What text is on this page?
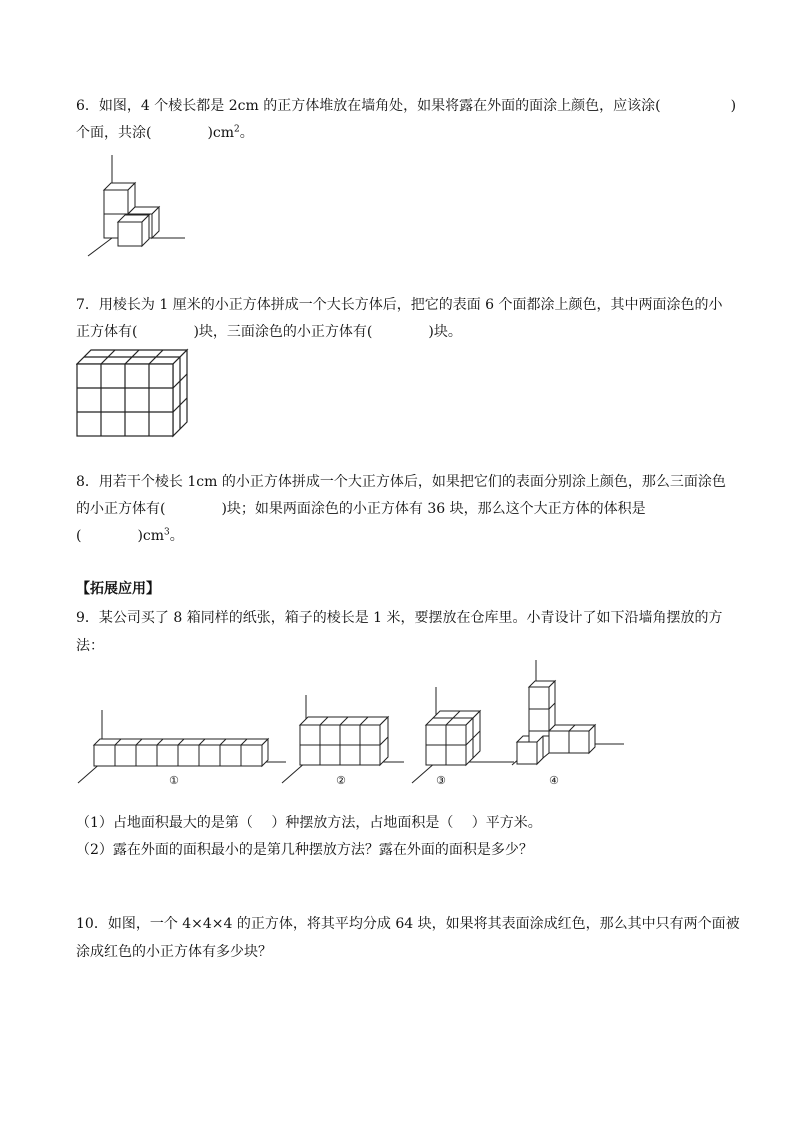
6．如图，4 个棱长都是 2cm 的正方体堆放在墙角处，如果将露在外面的面涂上颜色，应该涂(　　　　　)
个面，共涂(　　　　)$cm^2$。
7．用棱长为 1 厘米的小正方体拼成一个大长方体后，把它的表面 6 个面都涂上颜色，其中两面涂色的小
正方体有(　　　　)块，三面涂色的小正方体有(　　　　)块。
8．用若干个棱长 1cm 的小正方体拼成一个大正方体后，如果把它们的表面分别涂上颜色，那么三面涂色
的小正方体有(　　　　)块；如果两面涂色的小正方体有 36 块，那么这个大正方体的体积是
(　　　　)$cm^3$。
【拓展应用】
9．某公司买了 8 箱同样的纸张，箱子的棱长是 1 米，要摆放在仓库里。小青设计了如下沿墙角摆放的方
法：
①	②	③	④
（1）占地面积最大的是第（　 ）种摆放方法，占地面积是（　 ）平方米。
（2）露在外面的面积最小的是第几种摆放方法？露在外面的面积是多少？
10．如图，一个 4×4×4 的正方体，将其平均分成 64 块，如果将其表面涂成红色，那么其中只有两个面被
涂成红色的小正方体有多少块？
